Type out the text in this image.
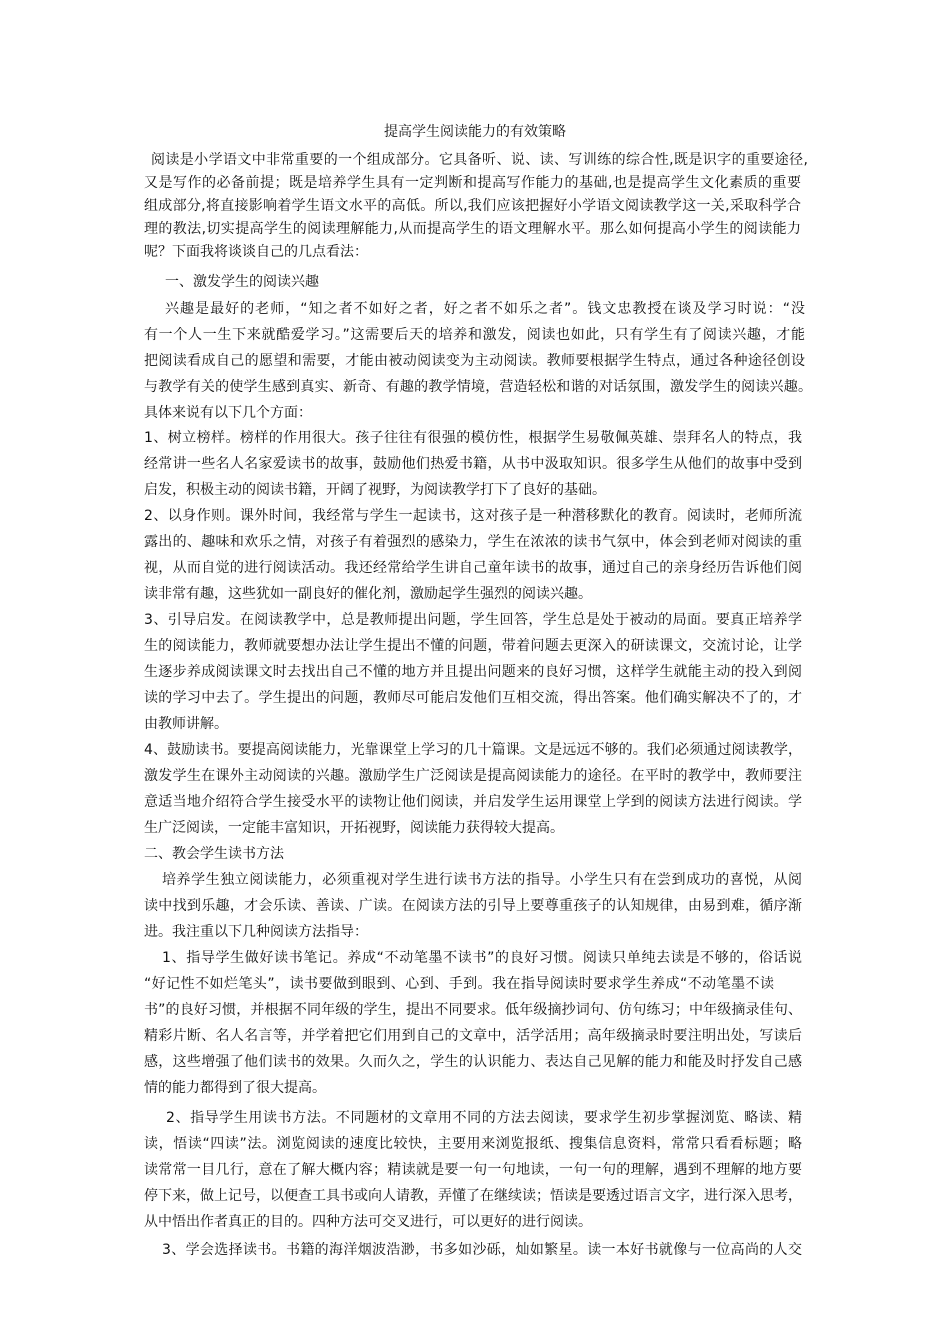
提高学生阅读能力的有效策略
阅读是小学语文中非常重要的一个组成部分。它具备听、说、读、写训练的综合性,既是识字的重要途径,
又是写作的必备前提；既是培养学生具有一定判断和提高写作能力的基础,也是提高学生文化素质的重要
组成部分,将直接影响着学生语文水平的高低。所以,我们应该把握好小学语文阅读教学这一关,采取科学合
理的教法,切实提高学生的阅读理解能力,从而提高学生的语文理解水平。那么如何提高小学生的阅读能力
呢？下面我将谈谈自己的几点看法：
一、激发学生的阅读兴趣
兴趣是最好的老师，“知之者不如好之者，好之者不如乐之者”。钱文忠教授在谈及学习时说：“没
有一个人一生下来就酷爱学习。”这需要后天的培养和激发，阅读也如此，只有学生有了阅读兴趣，才能
把阅读看成自己的愿望和需要，才能由被动阅读变为主动阅读。教师要根据学生特点，通过各种途径创设
与教学有关的使学生感到真实、新奇、有趣的教学情境，营造轻松和谐的对话氛围，激发学生的阅读兴趣。
具体来说有以下几个方面：
1、树立榜样。榜样的作用很大。孩子往往有很强的模仿性，根据学生易敬佩英雄、崇拜名人的特点，我
经常讲一些名人名家爱读书的故事，鼓励他们热爱书籍，从书中汲取知识。很多学生从他们的故事中受到
启发，积极主动的阅读书籍，开阔了视野，为阅读教学打下了良好的基础。
2、以身作则。课外时间，我经常与学生一起读书，这对孩子是一种潜移默化的教育。阅读时，老师所流
露出的、趣味和欢乐之情，对孩子有着强烈的感染力，学生在浓浓的读书气氛中，体会到老师对阅读的重
视，从而自觉的进行阅读活动。我还经常给学生讲自己童年读书的故事，通过自己的亲身经历告诉他们阅
读非常有趣，这些犹如一副良好的催化剂，激励起学生强烈的阅读兴趣。
3、引导启发。在阅读教学中，总是教师提出问题，学生回答，学生总是处于被动的局面。要真正培养学
生的阅读能力，教师就要想办法让学生提出不懂的问题，带着问题去更深入的研读课文，交流讨论，让学
生逐步养成阅读课文时去找出自己不懂的地方并且提出问题来的良好习惯，这样学生就能主动的投入到阅
读的学习中去了。学生提出的问题，教师尽可能启发他们互相交流，得出答案。他们确实解决不了的，才
由教师讲解。
4、鼓励读书。要提高阅读能力，光靠课堂上学习的几十篇课。文是远远不够的。我们必须通过阅读教学，
激发学生在课外主动阅读的兴趣。激励学生广泛阅读是提高阅读能力的途径。在平时的教学中，教师要注
意适当地介绍符合学生接受水平的读物让他们阅读，并启发学生运用课堂上学到的阅读方法进行阅读。学
生广泛阅读，一定能丰富知识，开拓视野，阅读能力获得较大提高。
二、教会学生读书方法
培养学生独立阅读能力，必须重视对学生进行读书方法的指导。小学生只有在尝到成功的喜悦，从阅
读中找到乐趣，才会乐读、善读、广读。在阅读方法的引导上要尊重孩子的认知规律，由易到难，循序渐
进。我注重以下几种阅读方法指导：
1、指导学生做好读书笔记。养成“不动笔墨不读书”的良好习惯。阅读只单纯去读是不够的，俗话说
“好记性不如烂笔头”，读书要做到眼到、心到、手到。我在指导阅读时要求学生养成“不动笔墨不读
书”的良好习惯，并根据不同年级的学生，提出不同要求。低年级摘抄词句、仿句练习；中年级摘录佳句、
精彩片断、名人名言等，并学着把它们用到自己的文章中，活学活用；高年级摘录时要注明出处，写读后
感，这些增强了他们读书的效果。久而久之，学生的认识能力、表达自己见解的能力和能及时抒发自己感
情的能力都得到了很大提高。
2、指导学生用读书方法。不同题材的文章用不同的方法去阅读，要求学生初步掌握浏览、略读、精
读，悟读“四读”法。浏览阅读的速度比较快，主要用来浏览报纸、搜集信息资料，常常只看看标题；略
读常常一目几行，意在了解大概内容；精读就是要一句一句地读，一句一句的理解，遇到不理解的地方要
停下来，做上记号，以便查工具书或向人请教，弄懂了在继续读；悟读是要透过语言文字，进行深入思考，
从中悟出作者真正的目的。四种方法可交叉进行，可以更好的进行阅读。
3、学会选择读书。书籍的海洋烟波浩渺，书多如沙砾，灿如繁星。读一本好书就像与一位高尚的人交
